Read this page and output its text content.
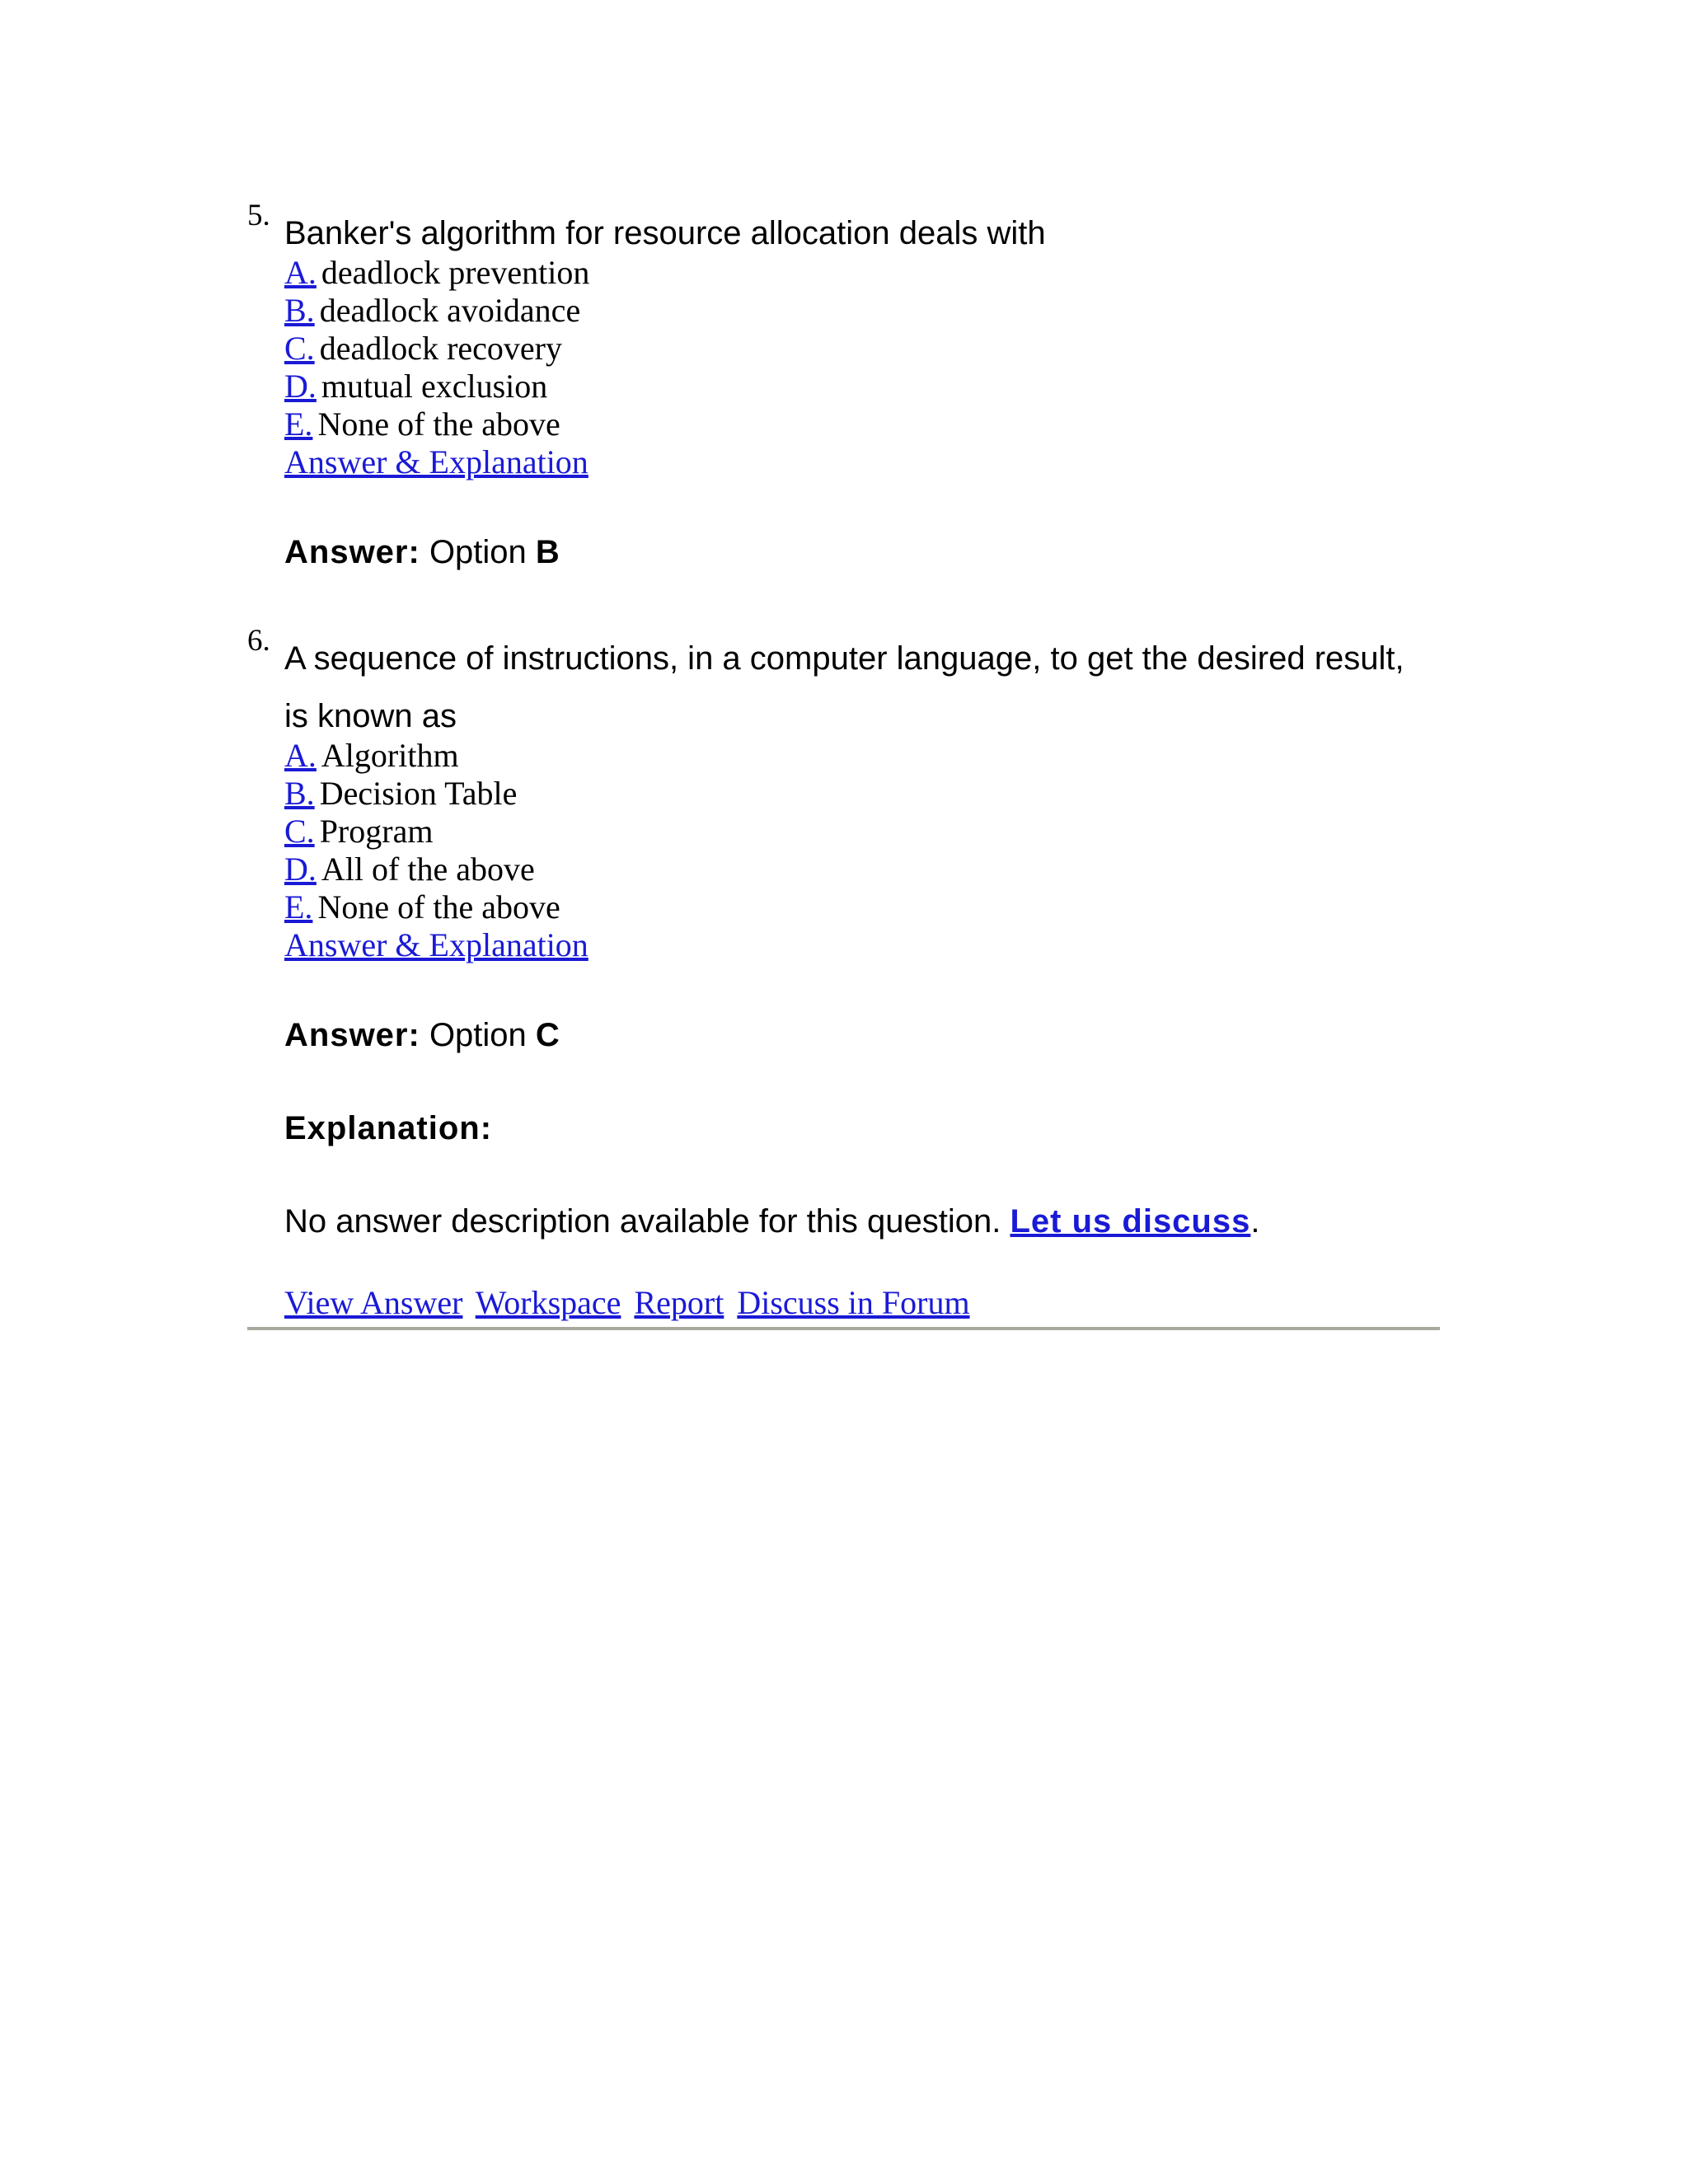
5. Banker's algorithm for resource allocation deals with

A. deadlock prevention
B. deadlock avoidance
C. deadlock recovery
D. mutual exclusion
E. None of the above
Answer & Explanation
Answer: Option B
6. A sequence of instructions, in a computer language, to get the desired result,

is known as

A. Algorithm
B. Decision Table
C. Program
D. All of the above
E. None of the above
Answer & Explanation
Answer: Option C
Explanation:
No answer description available for this question. Let us discuss.
View Answer Workspace Report Discuss in Forum
